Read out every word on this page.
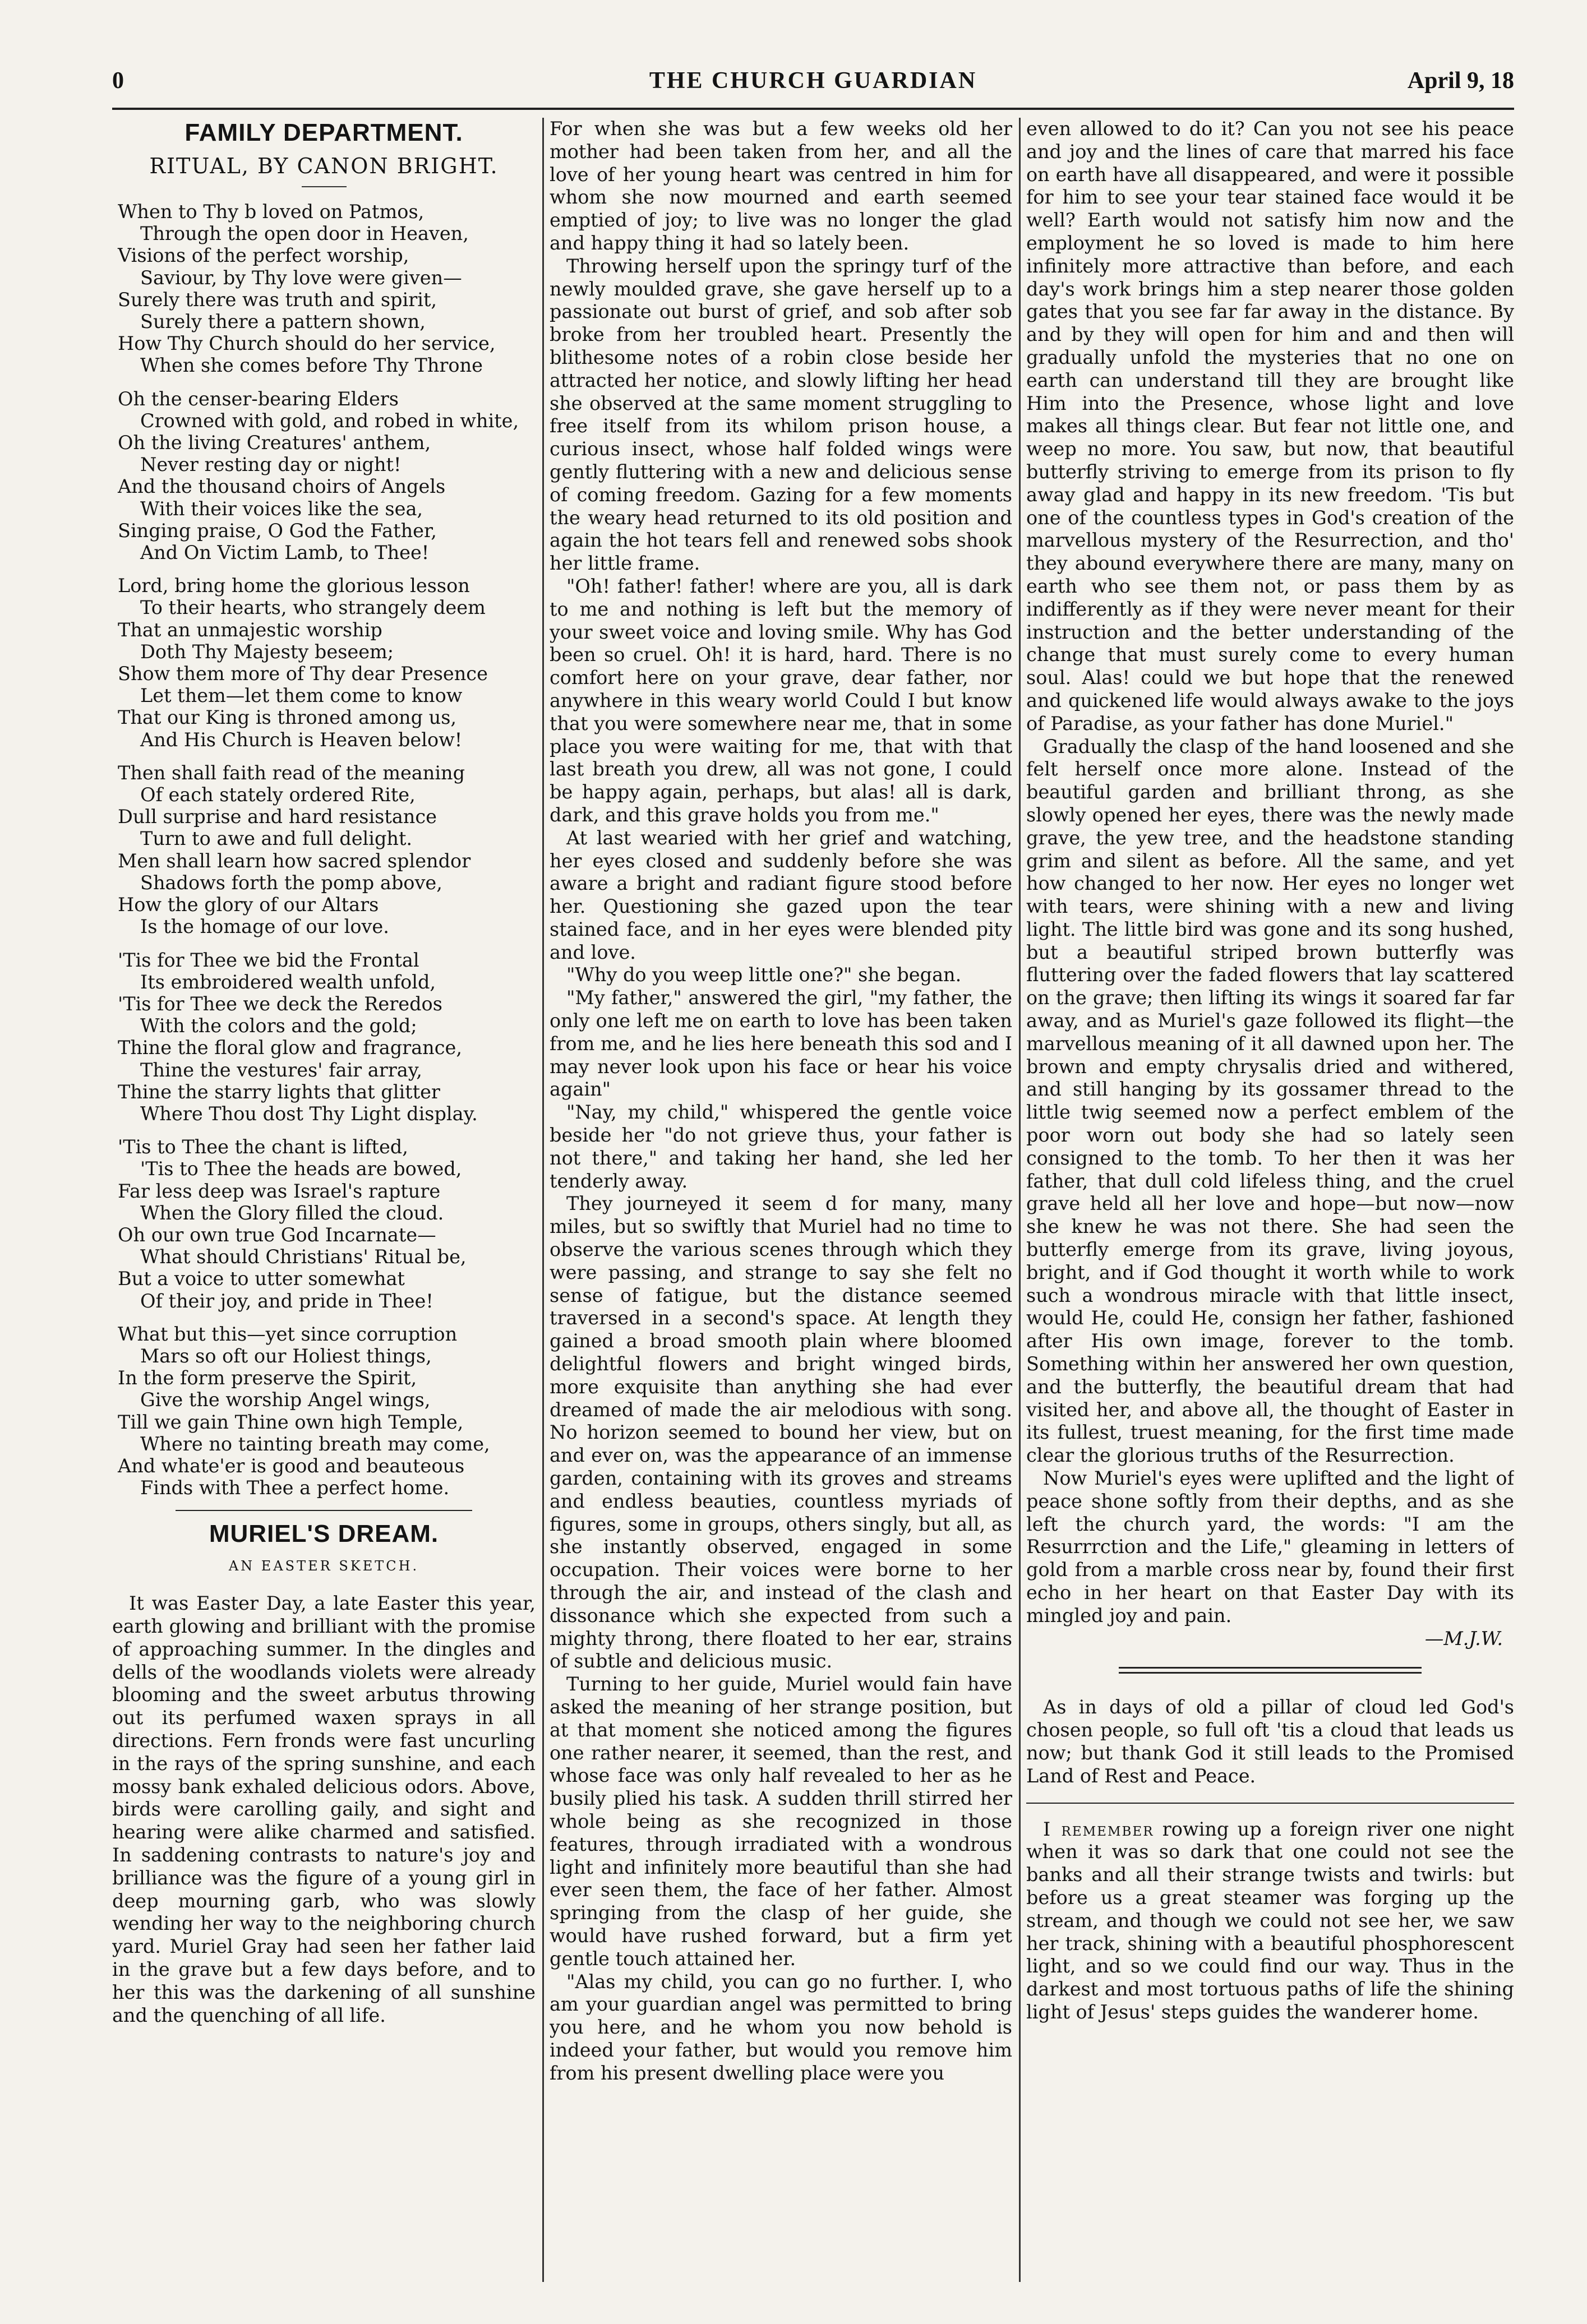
0	THE CHURCH GUARDIAN	April 9, 18
FAMILY DEPARTMENT.
RITUAL, BY CANON BRIGHT.
When to Thy b loved on Patmos,
Through the open door in Heaven,
Visions of the perfect worship,
Saviour, by Thy love were given—
Surely there was truth and spirit,
Surely there a pattern shown,
How Thy Church should do her service,
When she comes before Thy Throne
Oh the censer-bearing Elders
Crowned with gold, and robed in white,
Oh the living Creatures' anthem,
Never resting day or night!
And the thousand choirs of Angels
With their voices like the sea,
Singing praise, O God the Father,
And On Victim Lamb, to Thee!
Lord, bring home the glorious lesson
To their hearts, who strangely deem
That an unmajestic worship
Doth Thy Majesty beseem;
Show them more of Thy dear Presence
Let them—let them come to know
That our King is throned among us,
And His Church is Heaven below!
Then shall faith read of the meaning
Of each stately ordered Rite,
Dull surprise and hard resistance
Turn to awe and full delight.
Men shall learn how sacred splendor
Shadows forth the pomp above,
How the glory of our Altars
Is the homage of our love.
'Tis for Thee we bid the Frontal
Its embroidered wealth unfold,
'Tis for Thee we deck the Reredos
With the colors and the gold;
Thine the floral glow and fragrance,
Thine the vestures' fair array,
Thine the starry lights that glitter
Where Thou dost Thy Light display.
'Tis to Thee the chant is lifted,
'Tis to Thee the heads are bowed,
Far less deep was Israel's rapture
When the Glory filled the cloud.
Oh our own true God Incarnate—
What should Christians' Ritual be,
But a voice to utter somewhat
Of their joy, and pride in Thee!
What but this—yet since corruption
Mars so oft our Holiest things,
In the form preserve the Spirit,
Give the worship Angel wings,
Till we gain Thine own high Temple,
Where no tainting breath may come,
And whate'er is good and beauteous
Finds with Thee a perfect home.
MURIEL'S DREAM.
AN EASTER SKETCH.

It was Easter Day, a late Easter this year, earth glowing and brilliant with the promise of approaching summer. In the dingles and dells of the woodlands violets were already blooming and the sweet arbutus throwing out its perfumed waxen sprays in all directions. Fern fronds were fast uncurling in the rays of the spring sunshine, and each mossy bank exhaled delicious odors. Above, birds were carolling gaily, and sight and hearing were alike charmed and satisfied. In saddening contrasts to nature's joy and brilliance was the figure of a young girl in deep mourning garb, who was slowly wending her way to the neighboring church yard. Muriel Gray had seen her father laid in the grave but a few days before, and to her this was the darkening of all sunshine and the quenching of all life.

For when she was but a few weeks old her mother had been taken from her, and all the love of her young heart was centred in him for whom she now mourned and earth seemed emptied of joy; to live was no longer the glad and happy thing it had so lately been.

Throwing herself upon the springy turf of the newly moulded grave, she gave herself up to a passionate out burst of grief, and sob after sob broke from her troubled heart. Presently the blithesome notes of a robin close beside her attracted her notice, and slowly lifting her head she observed at the same moment struggling to free itself from its whilom prison house, a curious insect, whose half folded wings were gently fluttering with a new and delicious sense of coming freedom. Gazing for a few moments the weary head returned to its old position and again the hot tears fell and renewed sobs shook her little frame.

"Oh! father! father! where are you, all is dark to me and nothing is left but the memory of your sweet voice and loving smile. Why has God been so cruel. Oh! it is hard, hard. There is no comfort here on your grave, dear father, nor anywhere in this weary world Could I but know that you were somewhere near me, that in some place you were waiting for me, that with that last breath you drew, all was not gone, I could be happy again, perhaps, but alas! all is dark, dark, and this grave holds you from me."

At last wearied with her grief and watching, her eyes closed and suddenly before she was aware a bright and radiant figure stood before her. Questioning she gazed upon the tear stained face, and in her eyes were blended pity and love.

"Why do you weep little one?" she began.

"My father," answered the girl, "my father, the only one left me on earth to love has been taken from me, and he lies here beneath this sod and I may never look upon his face or hear his voice again"

"Nay, my child," whispered the gentle voice beside her "do not grieve thus, your father is not there," and taking her hand, she led her tenderly away.

They journeyed it seem d for many, many miles, but so swiftly that Muriel had no time to observe the various scenes through which they were passing, and strange to say she felt no sense of fatigue, but the distance seemed traversed in a second's space. At length they gained a broad smooth plain where bloomed delightful flowers and bright winged birds, more exquisite than anything she had ever dreamed of made the air melodious with song. No horizon seemed to bound her view, but on and ever on, was the appearance of an immense garden, containing with its groves and streams and endless beauties, countless myriads of figures, some in groups, others singly, but all, as she instantly observed, engaged in some occupation. Their voices were borne to her through the air, and instead of the clash and dissonance which she expected from such a mighty throng, there floated to her ear, strains of subtle and delicious music.

Turning to her guide, Muriel would fain have asked the meaning of her strange position, but at that moment she noticed among the figures one rather nearer, it seemed, than the rest, and whose face was only half revealed to her as he busily plied his task. A sudden thrill stirred her whole being as she recognized in those features, through irradiated with a wondrous light and infinitely more beautiful than she had ever seen them, the face of her father. Almost springing from the clasp of her guide, she would have rushed forward, but a firm yet gentle touch attained her.

"Alas my child, you can go no further. I, who am your guardian angel was permitted to bring you here, and he whom you now behold is indeed your father, but would you remove him from his present dwelling place were you

even allowed to do it? Can you not see his peace and joy and the lines of care that marred his face on earth have all disappeared, and were it possible for him to see your tear stained face would it be well? Earth would not satisfy him now and the employment he so loved is made to him here infinitely more attractive than before, and each day's work brings him a step nearer those golden gates that you see far far away in the distance. By and by they will open for him and and then will gradually unfold the mysteries that no one on earth can understand till they are brought like Him into the Presence, whose light and love makes all things clear. But fear not little one, and weep no more. You saw, but now, that beautiful butterfly striving to emerge from its prison to fly away glad and happy in its new freedom. 'Tis but one of the countless types in God's creation of the marvellous mystery of the Resurrection, and tho' they abound everywhere there are many, many on earth who see them not, or pass them by as indifferently as if they were never meant for their instruction and the better understanding of the change that must surely come to every human soul. Alas! could we but hope that the renewed and quickened life would always awake to the joys of Paradise, as your father has done Muriel."

Gradually the clasp of the hand loosened and she felt herself once more alone. Instead of the beautiful garden and brilliant throng, as she slowly opened her eyes, there was the newly made grave, the yew tree, and the headstone standing grim and silent as before. All the same, and yet how changed to her now. Her eyes no longer wet with tears, were shining with a new and living light. The little bird was gone and its song hushed, but a beautiful striped brown butterfly was fluttering over the faded flowers that lay scattered on the grave; then lifting its wings it soared far far away, and as Muriel's gaze followed its flight—the marvellous meaning of it all dawned upon her. The brown and empty chrysalis dried and withered, and still hanging by its gossamer thread to the little twig seemed now a perfect emblem of the poor worn out body she had so lately seen consigned to the tomb. To her then it was her father, that dull cold lifeless thing, and the cruel grave held all her love and hope—but now—now she knew he was not there. She had seen the butterfly emerge from its grave, living joyous, bright, and if God thought it worth while to work such a wondrous miracle with that little insect, would He, could He, consign her father, fashioned after His own image, forever to the tomb. Something within her answered her own question, and the butterfly, the beautiful dream that had visited her, and above all, the thought of Easter in its fullest, truest meaning, for the first time made clear the glorious truths of the Resurrection.

Now Muriel's eyes were uplifted and the light of peace shone softly from their depths, and as she left the church yard, the words: "I am the Resurrrction and the Life," gleaming in letters of gold from a marble cross near by, found their first echo in her heart on that Easter Day with its mingled joy and pain.

—M.J.W.

As in days of old a pillar of cloud led God's chosen people, so full oft 'tis a cloud that leads us now; but thank God it still leads to the Promised Land of Rest and Peace.

I remember rowing up a foreign river one night when it was so dark that one could not see the banks and all their strange twists and twirls: but before us a great steamer was forging up the stream, and though we could not see her, we saw her track, shining with a beautiful phosphorescent light, and so we could find our way. Thus in the darkest and most tortuous paths of life the shining light of Jesus' steps guides the wanderer home.
